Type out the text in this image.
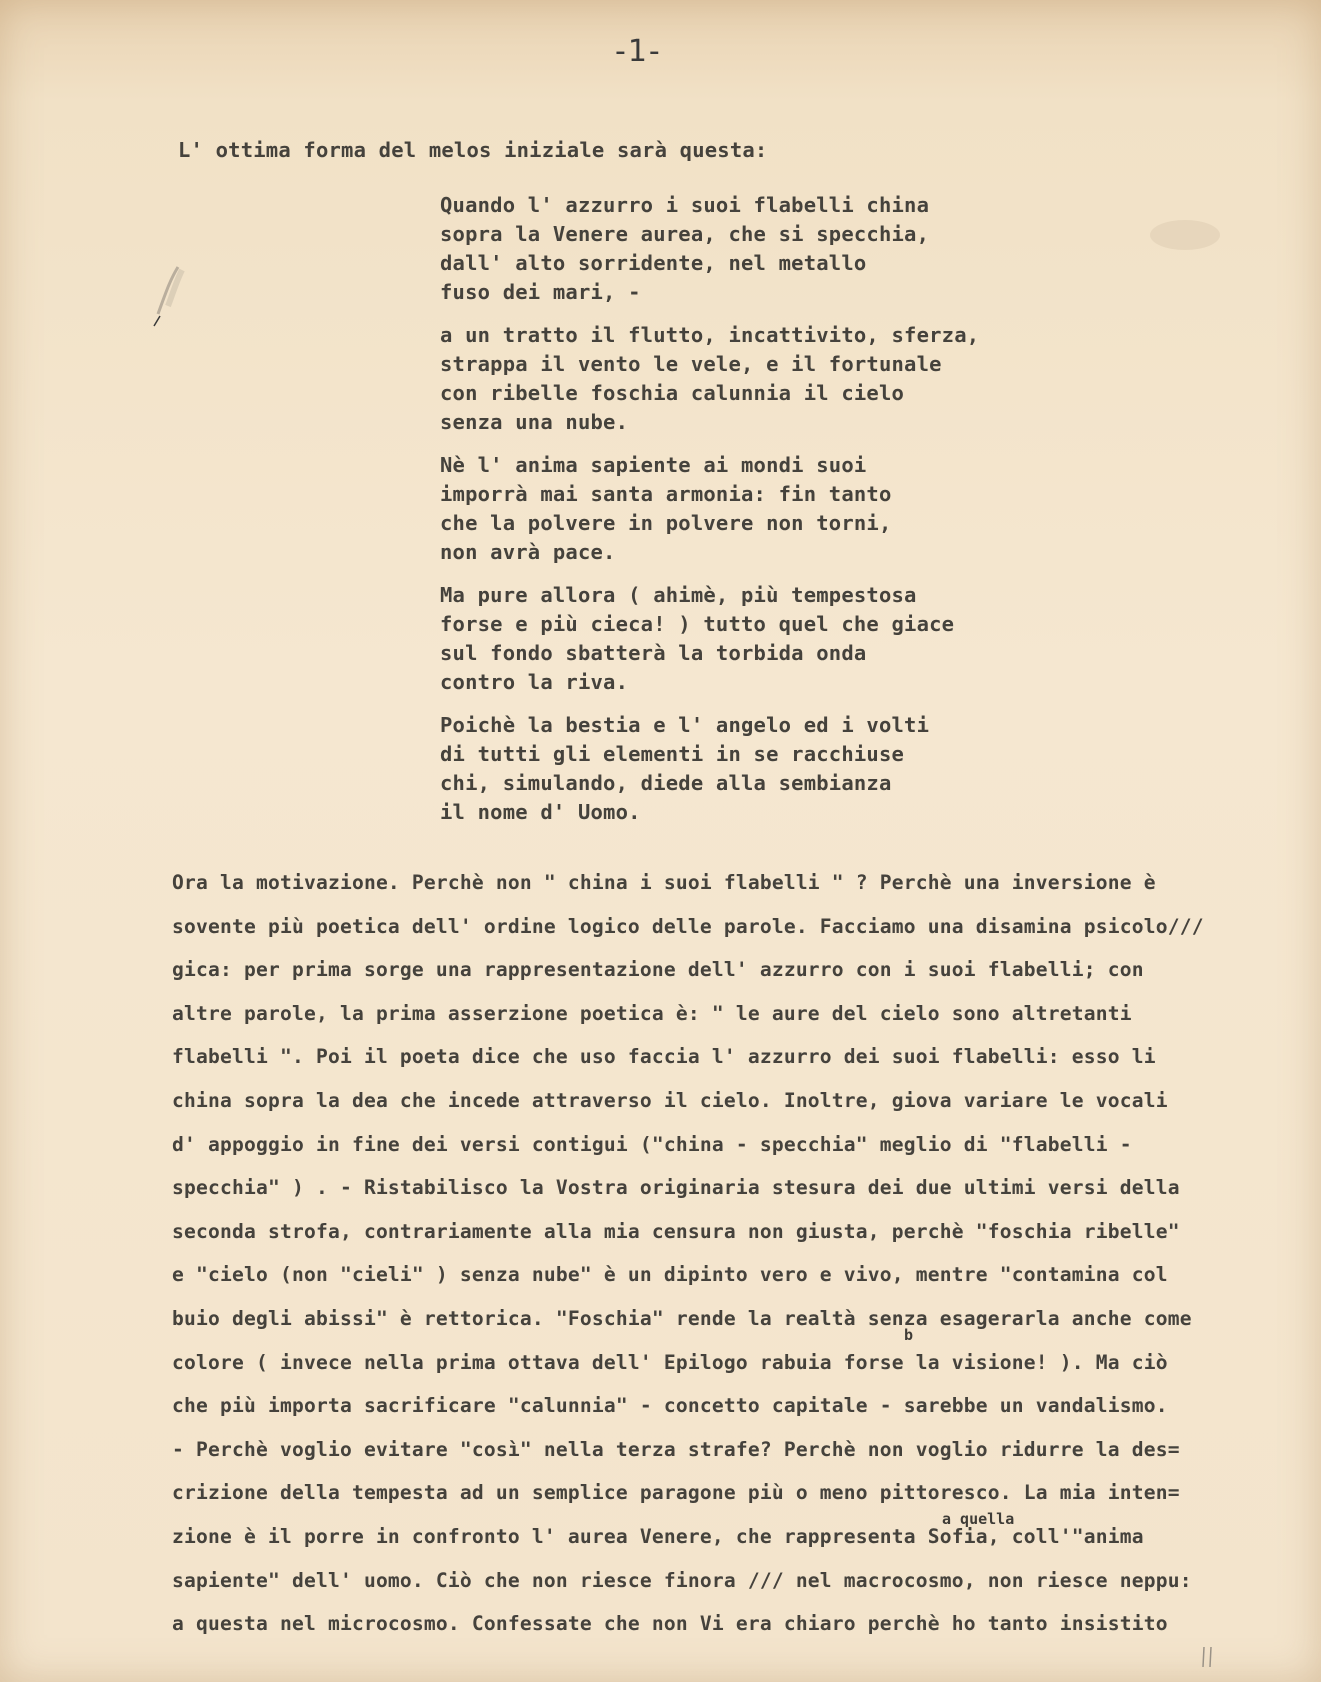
-1-
L' ottima forma del melos iniziale sarà questa:
Quando l' azzurro i suoi flabelli china
sopra la Venere aurea, che si specchia,
dall' alto sorridente, nel metallo
fuso dei mari, -
a un tratto il flutto, incattivito, sferza,
strappa il vento le vele, e il fortunale
con ribelle foschia calunnia il cielo
senza una nube.
Nè l' anima sapiente ai mondi suoi
imporrà mai santa armonia: fin tanto
che la polvere in polvere non torni,
non avrà pace.
Ma pure allora ( ahimè, più tempestosa
forse e più cieca! ) tutto quel che giace
sul fondo sbatterà la torbida onda
contro la riva.
Poichè la bestia e l' angelo ed i volti
di tutti gli elementi in se racchiuse
chi, simulando, diede alla sembianza
il nome d' Uomo.
Ora la motivazione. Perchè non " china i suoi flabelli " ? Perchè una inversione è
sovente più poetica dell' ordine logico delle parole. Facciamo una disamina psicolo///
gica: per prima sorge una rappresentazione dell' azzurro con i suoi flabelli; con
altre parole, la prima asserzione poetica è: " le aure del cielo sono altretanti
flabelli ". Poi il poeta dice che uso faccia l' azzurro dei suoi flabelli: esso li
china sopra la dea che incede attraverso il cielo. Inoltre, giova variare le vocali
d' appoggio in fine dei versi contigui ("china - specchia" meglio di "flabelli -
specchia" ) . - Ristabilisco la Vostra originaria stesura dei due ultimi versi della
seconda strofa, contrariamente alla mia censura non giusta, perchè "foschia ribelle"
e "cielo (non "cieli" ) senza nube" è un dipinto vero e vivo, mentre "contamina col
buio degli abissi" è rettorica. "Foschia" rende la realtà senza esagerarla anche come
colore ( invece nella prima ottava dell' Epilogo rabuia forse la visione! ). Ma ciò
che più importa sacrificare "calunnia" - concetto capitale - sarebbe un vandalismo.
- Perchè voglio evitare "così" nella terza strafe? Perchè non voglio ridurre la des=
crizione della tempesta ad un semplice paragone più o meno pittoresco. La mia inten=
zione è il porre in confronto l' aurea Venere, che rappresenta Sofia, coll'"anima
sapiente" dell' uomo. Ciò che non riesce finora /// nel macrocosmo, non riesce neppu:
a questa nel microcosmo. Confessate che non Vi era chiaro perchè ho tanto insistito
b
a quella
